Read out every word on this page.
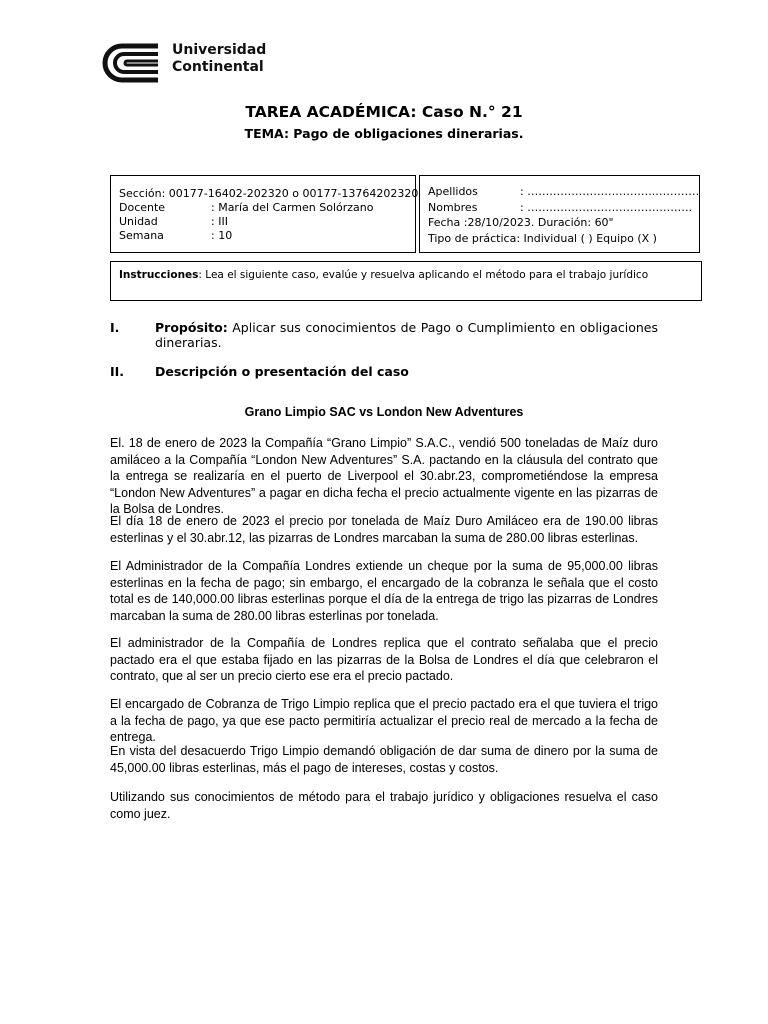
Universidad
Continental
TAREA ACADÉMICA: Caso N.° 21
TEMA: Pago de obligaciones dinerarias.
Sección: 00177-16402-202320 o 00177-13764202320
Docente	: María del Carmen Solórzano
Unidad	: III
Semana	: 10
Apellidos	: ……………………………..…………
Nombres	: ………………………………………
Fecha :28/10/2023. Duración: 60"
Tipo de práctica: Individual ( ) Equipo (X )
Instrucciones: Lea el siguiente caso, evalúe y resuelva aplicando el método para el trabajo jurídico
I.	Propósito: Aplicar sus conocimientos de Pago o Cumplimiento en obligaciones dinerarias.
II. Descripción o presentación del caso
Grano Limpio SAC vs London New Adventures
El. 18 de enero de 2023 la Compañía “Grano Limpio” S.A.C., vendió 500 toneladas de Maíz duro amiláceo a la Compañía “London New Adventures” S.A. pactando en la cláusula del contrato que la entrega se realizaría en el puerto de Liverpool el 30.abr.23, comprometiéndose la empresa “London New Adventures” a pagar en dicha fecha el precio actualmente vigente en las pizarras de la Bolsa de Londres.
El día 18 de enero de 2023 el precio por tonelada de Maíz Duro Amiláceo era de 190.00 libras esterlinas y el 30.abr.12, las pizarras de Londres marcaban la suma de 280.00 libras esterlinas.
El Administrador de la Compañía Londres extiende un cheque por la suma de 95,000.00 libras esterlinas en la fecha de pago; sin embargo, el encargado de la cobranza le señala que el costo total es de 140,000.00 libras esterlinas porque el día de la entrega de trigo las pizarras de Londres marcaban la suma de 280.00 libras esterlinas por tonelada.
El administrador de la Compañía de Londres replica que el contrato señalaba que el precio pactado era el que estaba fijado en las pizarras de la Bolsa de Londres el día que celebraron el contrato, que al ser un precio cierto ese era el precio pactado.
El encargado de Cobranza de Trigo Limpio replica que el precio pactado era el que tuviera el trigo a la fecha de pago, ya que ese pacto permitiría actualizar el precio real de mercado a la fecha de entrega.
En vista del desacuerdo Trigo Limpio demandó obligación de dar suma de dinero por la suma de 45,000.00 libras esterlinas, más el pago de intereses, costas y costos.
Utilizando sus conocimientos de método para el trabajo jurídico y obligaciones resuelva el caso como juez.
